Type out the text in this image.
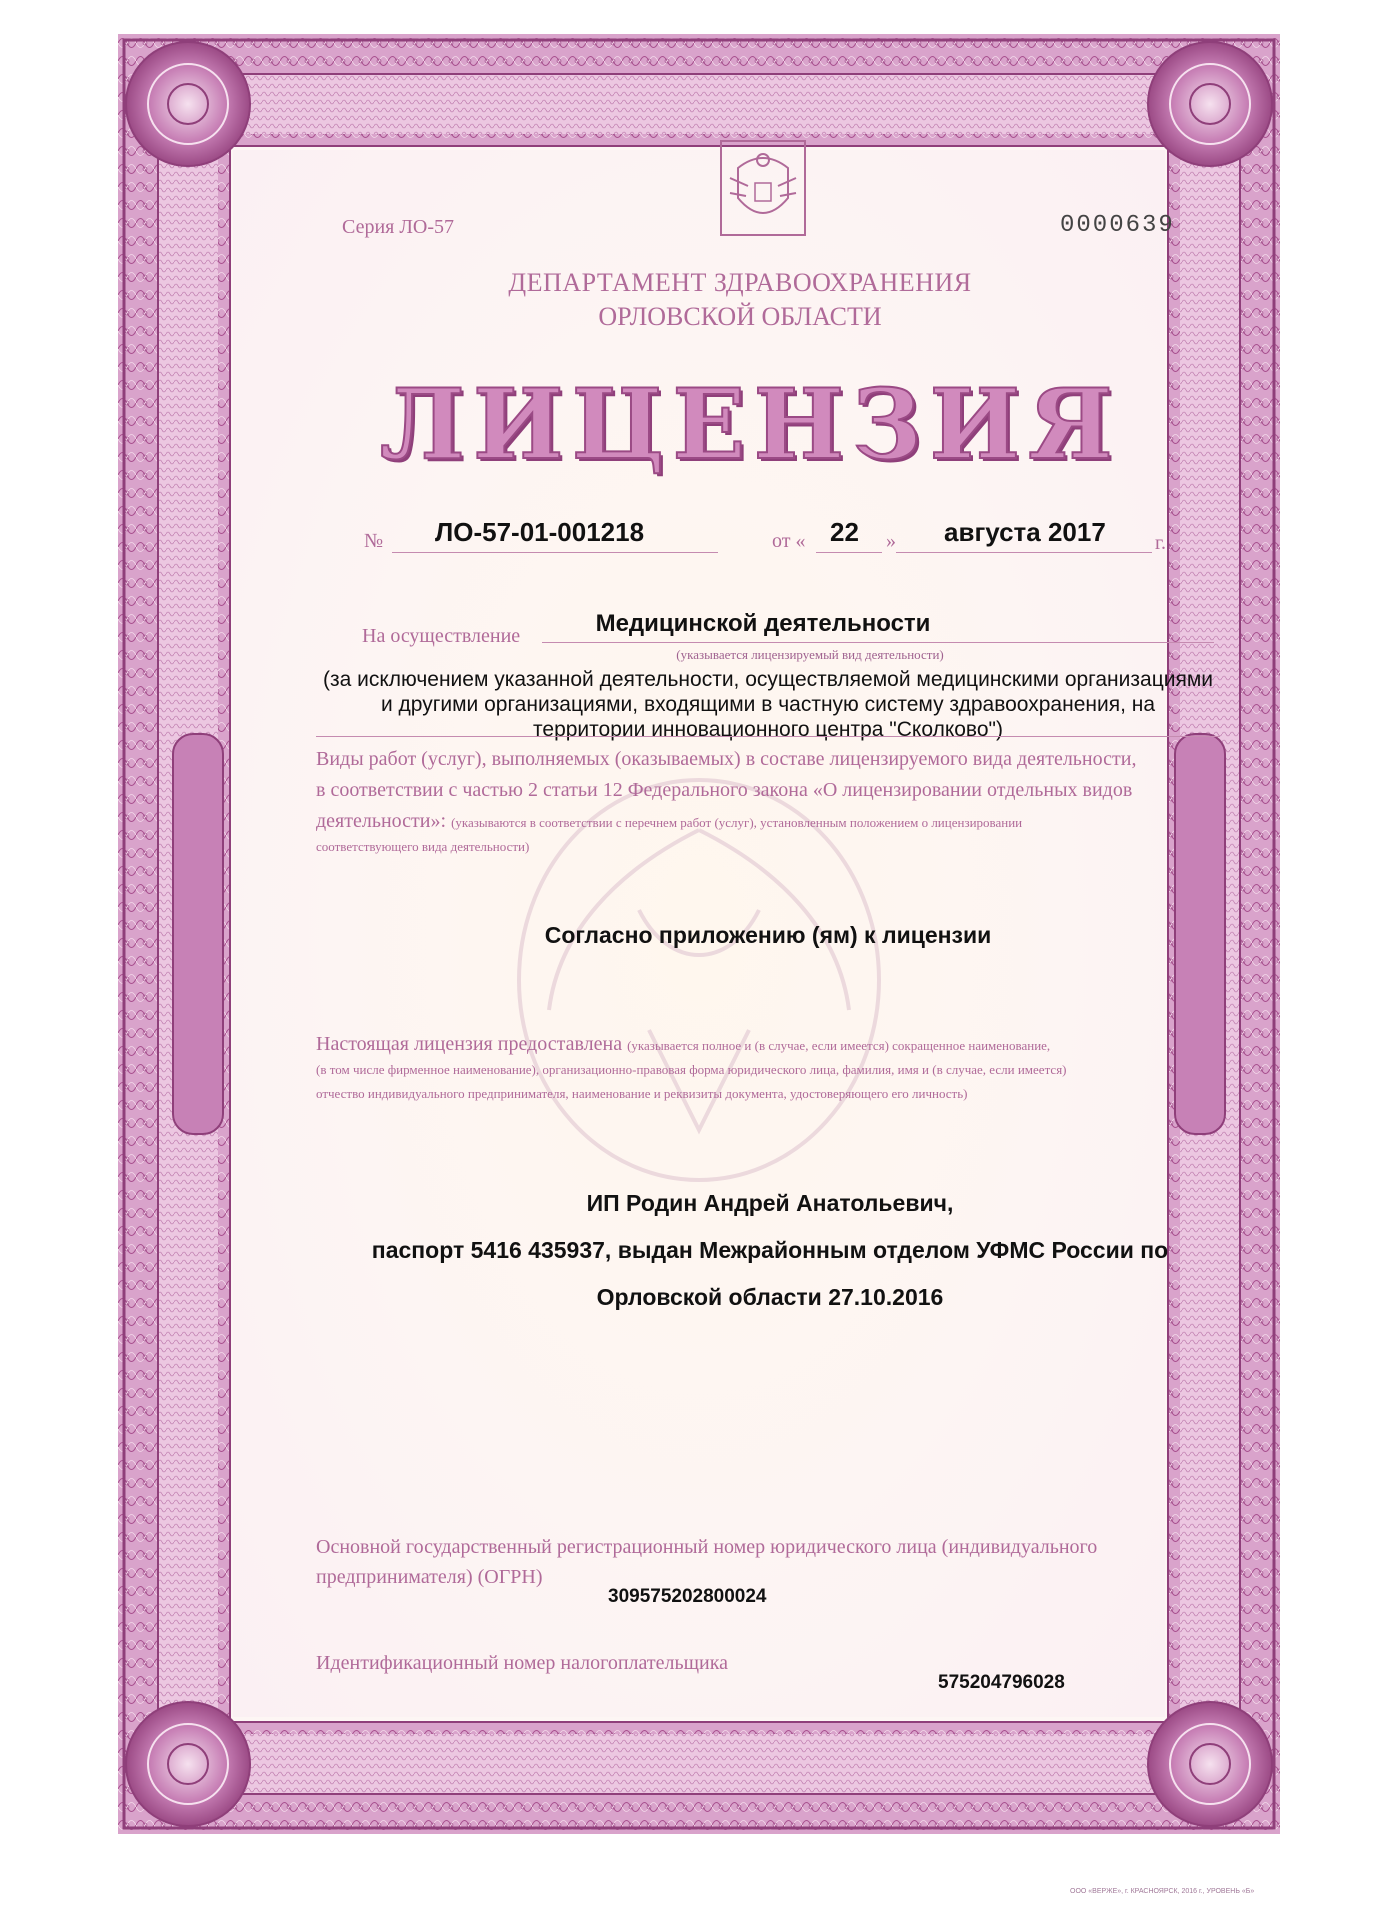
Серия ЛО-57	0000639
ДЕПАРТАМЕНТ ЗДРАВООХРАНЕНИЯ
ОРЛОВСКОЙ ОБЛАСТИ
ЛИЦЕНЗИЯ
№ ЛО-57-01-001218	от « 22 » августа 2017 г.
На осуществление	Медицинской деятельности
(указывается лицензируемый вид деятельности)
(за исключением указанной деятельности, осуществляемой медицинскими организациями
и другими организациями, входящими в частную систему здравоохранения, на
территории инновационного центра "Сколково")
Виды работ (услуг), выполняемых (оказываемых) в составе лицензируемого вида деятельности,
в соответствии с частью 2 статьи 12 Федерального закона «О лицензировании отдельных видов
деятельности»: (указываются в соответствии с перечнем работ (услуг), установленным положением о лицензировании
соответствующего вида деятельности)
Согласно приложению (ям) к лицензии
Настоящая лицензия предоставлена (указывается полное и (в случае, если имеется) сокращенное наименование,
(в том числе фирменное наименование), организационно-правовая форма юридического лица, фамилия, имя и (в случае, если имеется)
отчество индивидуального предпринимателя, наименование и реквизиты документа, удостоверяющего его личность)
ИП Родин Андрей Анатольевич,
паспорт 5416 435937, выдан Межрайонным отделом УФМС России по
Орловской области 27.10.2016
Основной государственный регистрационный номер юридического лица (индивидуального
предпринимателя) (ОГРН)
309575202800024
Идентификационный номер налогоплательщика
575204796028
ООО «ВЕРЖЕ», г. КРАСНОЯРСК, 2016 г., УРОВЕНЬ «Б»
